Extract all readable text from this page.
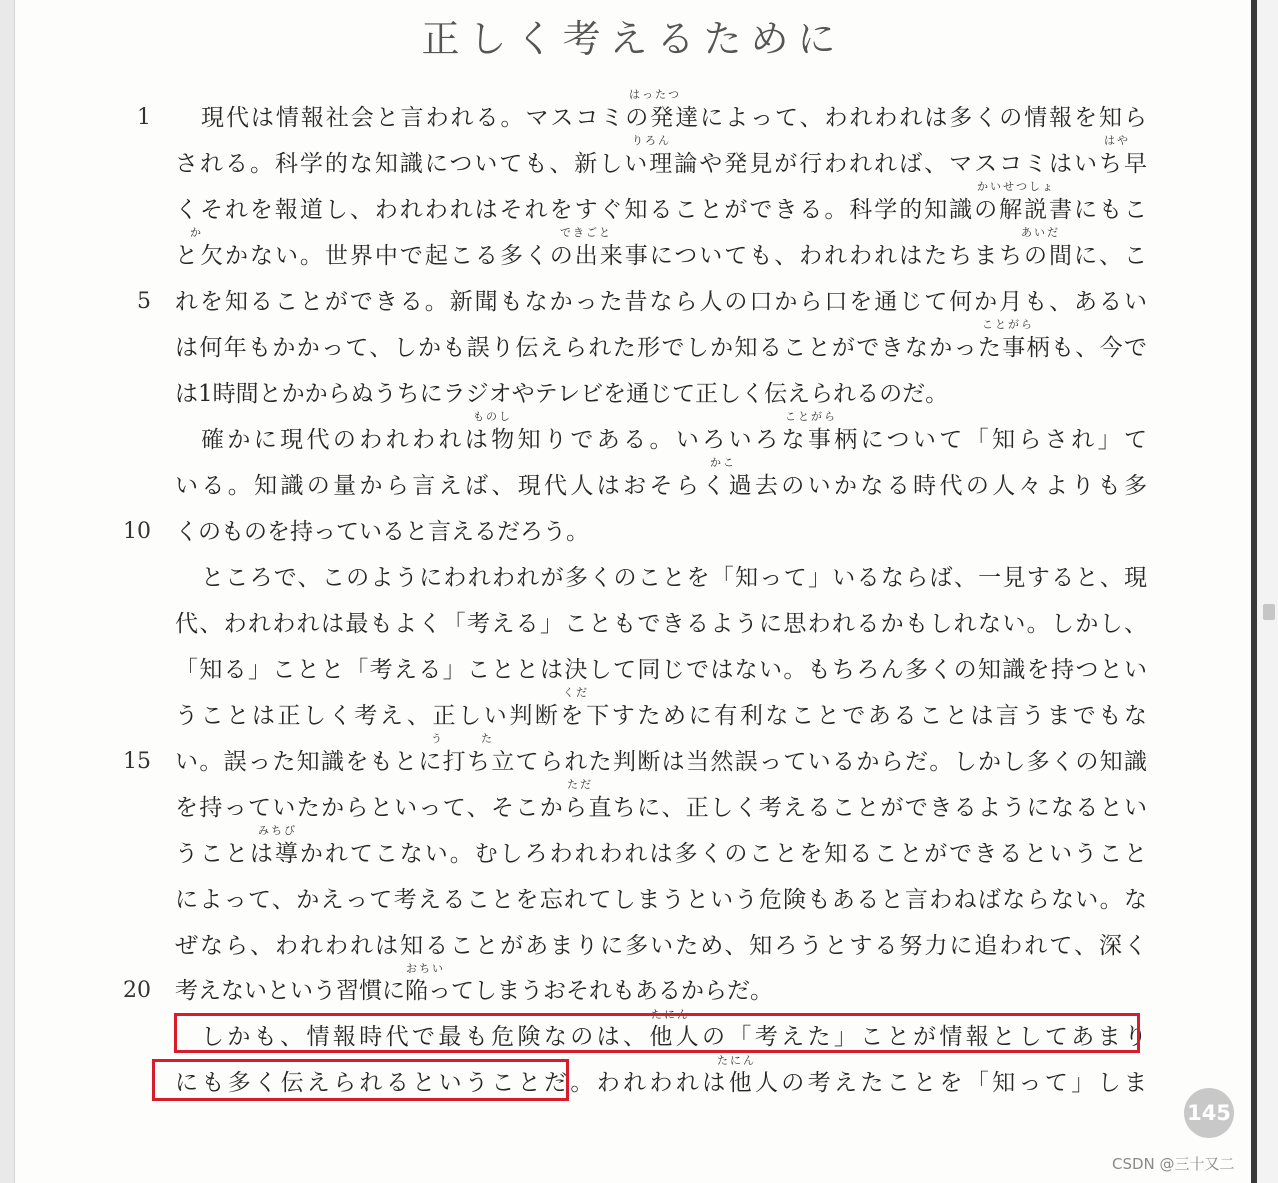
正しく考えるために
1
5
10
15
20
はったつ
りろん	はや
かいせつしょ
か	できごと	あいだ
ことがら
ものし	ことがら
かこ
くだ
う	た
ただ
みちび
おちい
たにん
たにん
現代は情報社会と言われる。マスコミの発達によって、われわれは多くの情報を知ら
される。科学的な知識についても、新しい理論や発見が行われれば、マスコミはいち早
くそれを報道し、われわれはそれをすぐ知ることができる。科学的知識の解説書にもこ
と欠かない。世界中で起こる多くの出来事についても、われわれはたちまちの間に、こ
れを知ることができる。新聞もなかった昔なら人の口から口を通じて何か月も、あるい
は何年もかかって、しかも誤り伝えられた形でしか知ることができなかった事柄も、今で
は1時間とかからぬうちにラジオやテレビを通じて正しく伝えられるのだ。
確かに現代のわれわれは物知りである。いろいろな事柄について「知らされ」て
いる。知識の量から言えば、現代人はおそらく過去のいかなる時代の人々よりも多
くのものを持っていると言えるだろう。
ところで、このようにわれわれが多くのことを「知って」いるならば、一見すると、現
代、われわれは最もよく「考える」こともできるように思われるかもしれない。しかし、
「知る」ことと「考える」こととは決して同じではない。もちろん多くの知識を持つとい
うことは正しく考え、正しい判断を下すために有利なことであることは言うまでもな
い。誤った知識をもとに打ち立てられた判断は当然誤っているからだ。しかし多くの知識
を持っていたからといって、そこから直ちに、正しく考えることができるようになるとい
うことは導かれてこない。むしろわれわれは多くのことを知ることができるということ
によって、かえって考えることを忘れてしまうという危険もあると言わねばならない。な
ぜなら、われわれは知ることがあまりに多いため、知ろうとする努力に追われて、深く
考えないという習慣に陥ってしまうおそれもあるからだ。
しかも、情報時代で最も危険なのは、他人の「考えた」ことが情報としてあまり
にも多く伝えられるということだ。われわれは他人の考えたことを「知って」しま
145
CSDN @三十又二
